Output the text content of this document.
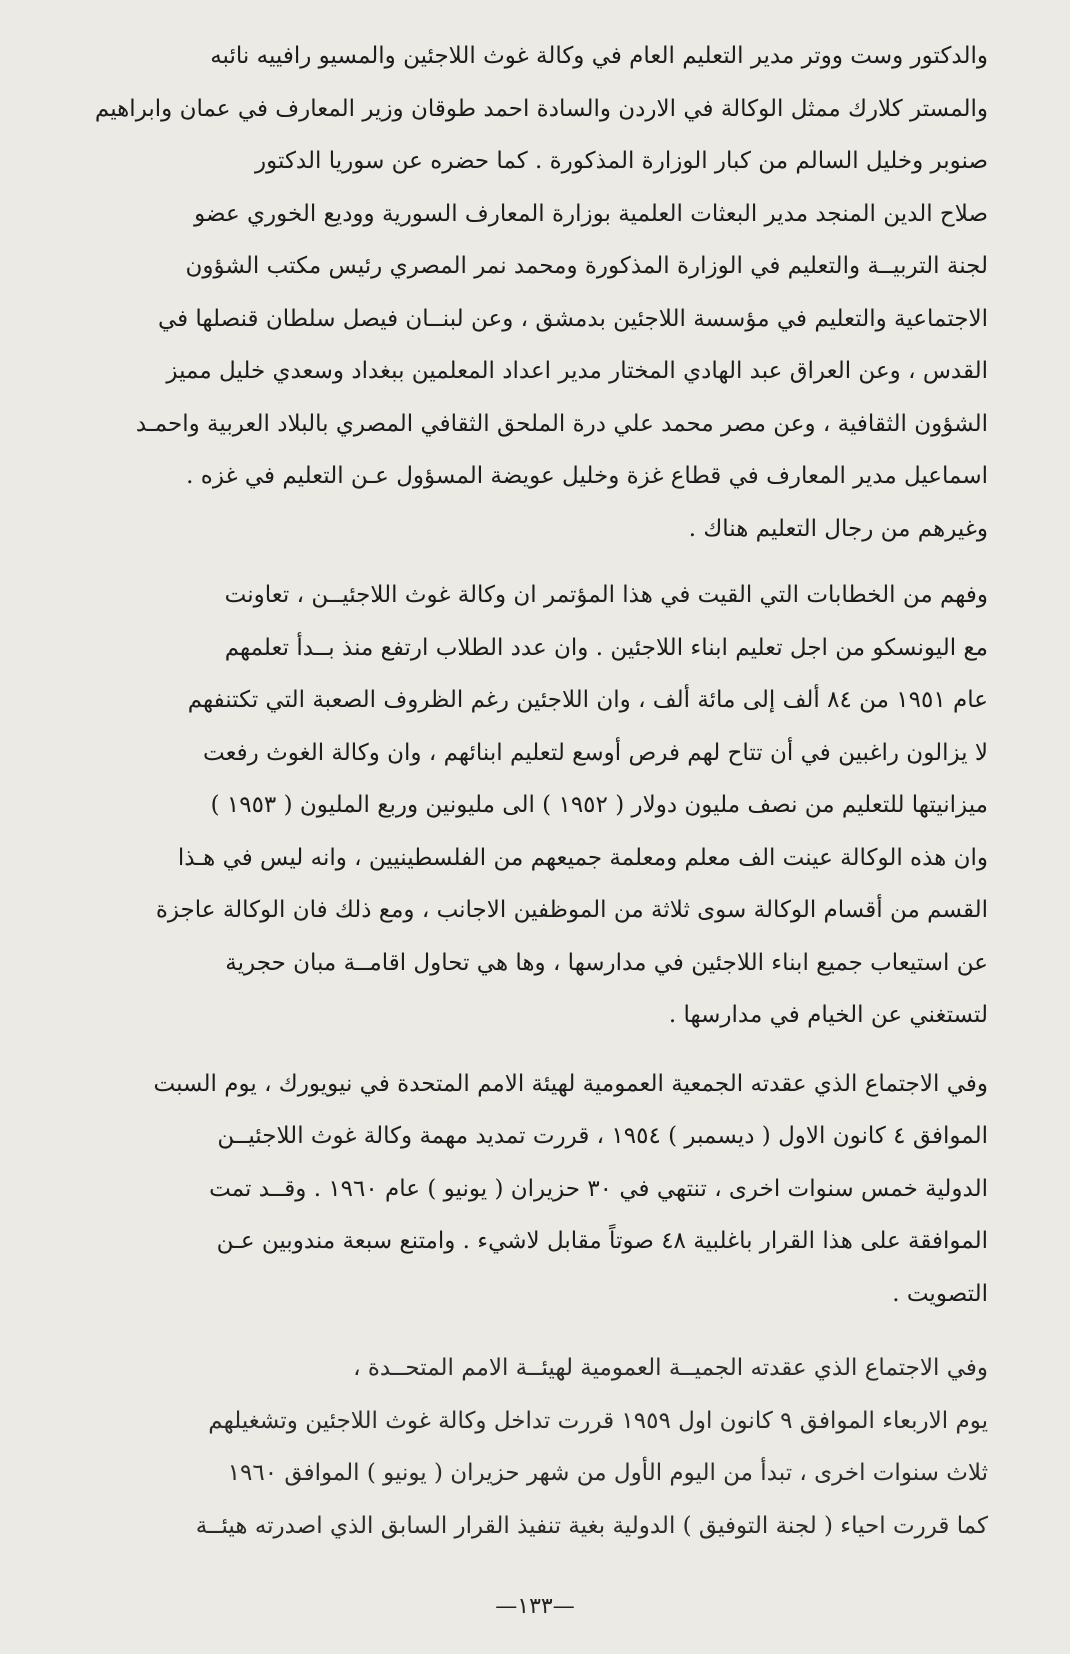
والدكتور وست ووتر مدير التعليم العام في وكالة غوث اللاجئين والمسيو رافييه نائبه
والمستر كلارك ممثل الوكالة في الاردن والسادة احمد طوقان وزير المعارف في عمان وابراهيم
صنوبر وخليل السالم من كبار الوزارة المذكورة . كما حضره عن سوريا الدكتور
صلاح الدين المنجد مدير البعثات العلمية بوزارة المعارف السورية ووديع الخوري عضو
لجنة التربيــة والتعليم في الوزارة المذكورة ومحمد نمر المصري رئيس مكتب الشؤون
الاجتماعية والتعليم في مؤسسة اللاجئين بدمشق ، وعن لبنــان فيصل سلطان قنصلها في
القدس ، وعن العراق عبد الهادي المختار مدير اعداد المعلمين ببغداد وسعدي خليل مميز
الشؤون الثقافية ، وعن مصر محمد علي درة الملحق الثقافي المصري بالبلاد العربية واحمـد
اسماعيل مدير المعارف في قطاع غزة وخليل عويضة المسؤول عـن التعليم في غزه .
وغيرهم من رجال التعليم هناك .
وفهم من الخطابات التي القيت في هذا المؤتمر ان وكالة غوث اللاجئيــن ، تعاونت
مع اليونسكو من اجل تعليم ابناء اللاجئين . وان عدد الطلاب ارتفع منذ بــدأ تعلمهم
عام ١٩٥١ من ٨٤ ألف إلى مائة ألف ، وان اللاجئين رغم الظروف الصعبة التي تكتنفهم
لا يزالون راغبين في أن تتاح لهم فرص أوسع لتعليم ابنائهم ، وان وكالة الغوث رفعت
ميزانيتها للتعليم من نصف مليون دولار ( ١٩٥٢ ) الى مليونين وربع المليون ( ١٩٥٣ )
وان هذه الوكالة عينت الف معلم ومعلمة جميعهم من الفلسطينيين ، وانه ليس في هـذا
القسم من أقسام الوكالة سوى ثلاثة من الموظفين الاجانب ، ومع ذلك فان الوكالة عاجزة
عن استيعاب جميع ابناء اللاجئين في مدارسها ، وها هي تحاول اقامــة مبان حجرية
لتستغني عن الخيام في مدارسها .
وفي الاجتماع الذي عقدته الجمعية العمومية لهيئة الامم المتحدة في نيويورك ، يوم السبت
الموافق ٤ كانون الاول ( ديسمبر ) ١٩٥٤ ، قررت تمديد مهمة وكالة غوث اللاجئيــن
الدولية خمس سنوات اخرى ، تنتهي في ٣٠ حزيران ( يونيو ) عام ١٩٦٠ . وقــد تمت
الموافقة على هذا القرار باغلبية ٤٨ صوتاً مقابل لاشيء . وامتنع سبعة مندوبين عـن
التصويت .
وفي الاجتماع الذي عقدته الجميــة العمومية لهيئــة الامم المتحــدة ،
يوم الاربعاء الموافق ٩ كانون اول ١٩٥٩ قررت تداخل وكالة غوث اللاجئين وتشغيلهم
ثلاث سنوات اخرى ، تبدأ من اليوم الأول من شهر حزيران ( يونيو ) الموافق ١٩٦٠
كما قررت احياء ( لجنة التوفيق ) الدولية بغية تنفيذ القرار السابق الذي اصدرته هيئــة
—١٣٣—
